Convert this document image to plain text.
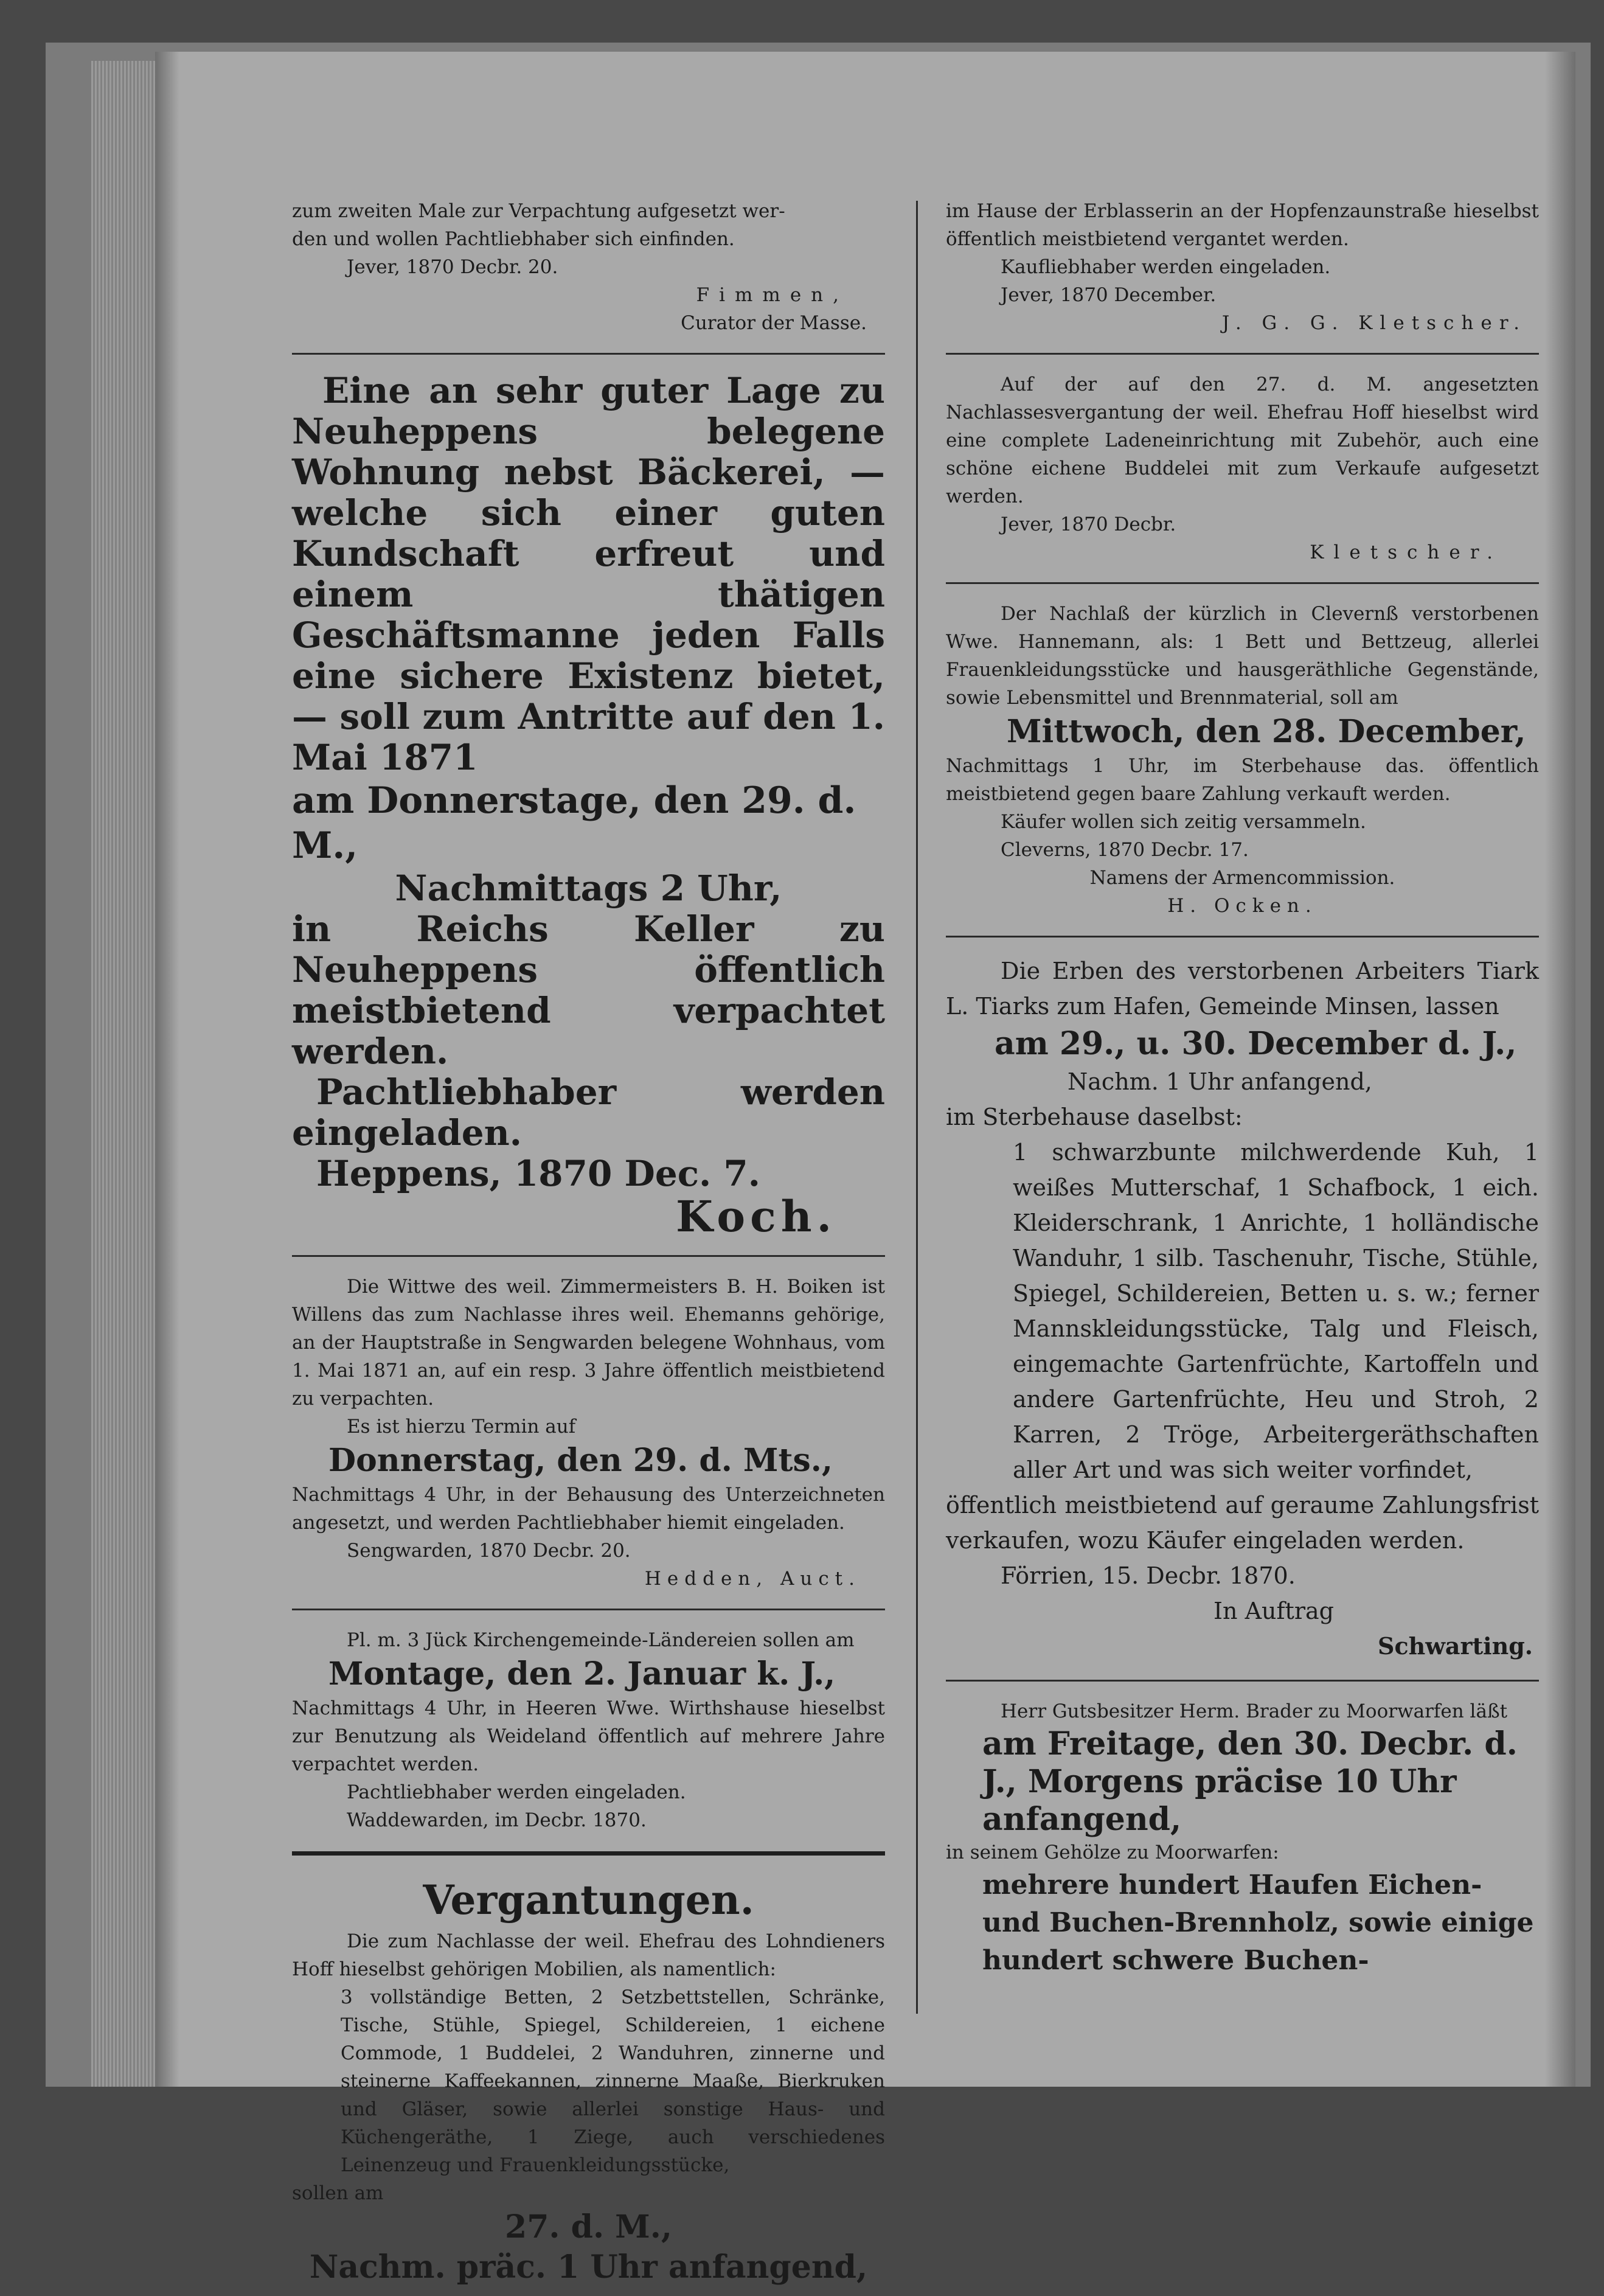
zum zweiten Male zur Verpachtung aufgesetzt wer-

den und wollen Pachtliebhaber sich einfinden.

Jever, 1870 Decbr. 20.

Fimmen,

Curator der Masse.

Eine an sehr guter Lage zu Neuheppens belegene Wohnung nebst Bäckerei, — welche sich einer guten Kundschaft erfreut und einem thätigen Geschäftsmanne jeden Falls eine sichere Existenz bietet, — soll zum Antritte auf den 1. Mai 1871

am Donnerstage, den 29. d. M.,

Nachmittags 2 Uhr,

in Reichs Keller zu Neuheppens öffentlich meistbietend verpachtet werden.

Pachtliebhaber werden eingeladen.

Heppens, 1870 Dec. 7.

Koch.

Die Wittwe des weil. Zimmermeisters B. H. Boiken ist Willens das zum Nachlasse ihres weil. Ehemanns gehörige, an der Hauptstraße in Sengwarden belegene Wohnhaus, vom 1. Mai 1871 an, auf ein resp. 3 Jahre öffentlich meistbietend zu verpachten.

Es ist hierzu Termin auf

Donnerstag, den 29. d. Mts.,

Nachmittags 4 Uhr, in der Behausung des Unterzeichneten angesetzt, und werden Pachtliebhaber hiemit eingeladen.

Sengwarden, 1870 Decbr. 20.

Hedden, Auct.

Pl. m. 3 Jück Kirchengemeinde-Ländereien sollen am

Montage, den 2. Januar k. J.,

Nachmittags 4 Uhr, in Heeren Wwe. Wirthshause hieselbst zur Benutzung als Weideland öffentlich auf mehrere Jahre verpachtet werden.

Pachtliebhaber werden eingeladen.

Waddewarden, im Decbr. 1870.

Vergantungen.

Die zum Nachlasse der weil. Ehefrau des Lohndieners Hoff hieselbst gehörigen Mobilien, als namentlich:

3 vollständige Betten, 2 Setzbettstellen, Schränke, Tische, Stühle, Spiegel, Schildereien, 1 eichene Commode, 1 Buddelei, 2 Wanduhren, zinnerne und steinerne Kaffeekannen, zinnerne Maaße, Bierkruken und Gläser, sowie allerlei sonstige Haus- und Küchengeräthe, 1 Ziege, auch verschiedenes Leinenzeug und Frauenkleidungsstücke,

sollen am

27. d. M.,

Nachm. präc. 1 Uhr anfangend,

im Hause der Erblasserin an der Hopfenzaunstraße hieselbst öffentlich meistbietend vergantet werden.

Kaufliebhaber werden eingeladen.

Jever, 1870 December.

J. G. G. Kletscher.

Auf der auf den 27. d. M. angesetzten Nachlassesvergantung der weil. Ehefrau Hoff hieselbst wird eine complete Ladeneinrichtung mit Zubehör, auch eine schöne eichene Buddelei mit zum Verkaufe aufgesetzt werden.

Jever, 1870 Decbr.

Kletscher.

Der Nachlaß der kürzlich in Clevernß verstorbenen Wwe. Hannemann, als: 1 Bett und Bettzeug, allerlei Frauenkleidungsstücke und hausgeräthliche Gegenstände, sowie Lebensmittel und Brennmaterial, soll am

Mittwoch, den 28. December,

Nachmittags 1 Uhr, im Sterbehause das. öffentlich meistbietend gegen baare Zahlung verkauft werden.

Käufer wollen sich zeitig versammeln.

Cleverns, 1870 Decbr. 17.

Namens der Armencommission.

H. Ocken.

Die Erben des verstorbenen Arbeiters Tiark L. Tiarks zum Hafen, Gemeinde Minsen, lassen

am 29., u. 30. December d. J.,

Nachm. 1 Uhr anfangend,

im Sterbehause daselbst:

1 schwarzbunte milchwerdende Kuh, 1 weißes Mutterschaf, 1 Schafbock, 1 eich. Kleiderschrank, 1 Anrichte, 1 holländische Wanduhr, 1 silb. Taschenuhr, Tische, Stühle, Spiegel, Schildereien, Betten u. s. w.; ferner Mannskleidungsstücke, Talg und Fleisch, eingemachte Gartenfrüchte, Kartoffeln und andere Gartenfrüchte, Heu und Stroh, 2 Karren, 2 Tröge, Arbeitergeräthschaften aller Art und was sich weiter vorfindet,

öffentlich meistbietend auf geraume Zahlungsfrist verkaufen, wozu Käufer eingeladen werden.

Förrien, 15. Decbr. 1870.

In Auftrag

Schwarting.

Herr Gutsbesitzer Herm. Brader zu Moorwarfen läßt

am Freitage, den 30. Decbr. d. J., Morgens präcise 10 Uhr anfangend,

in seinem Gehölze zu Moorwarfen:

mehrere hundert Haufen Eichen- und Buchen-Brennholz, sowie einige hundert schwere Buchen-
